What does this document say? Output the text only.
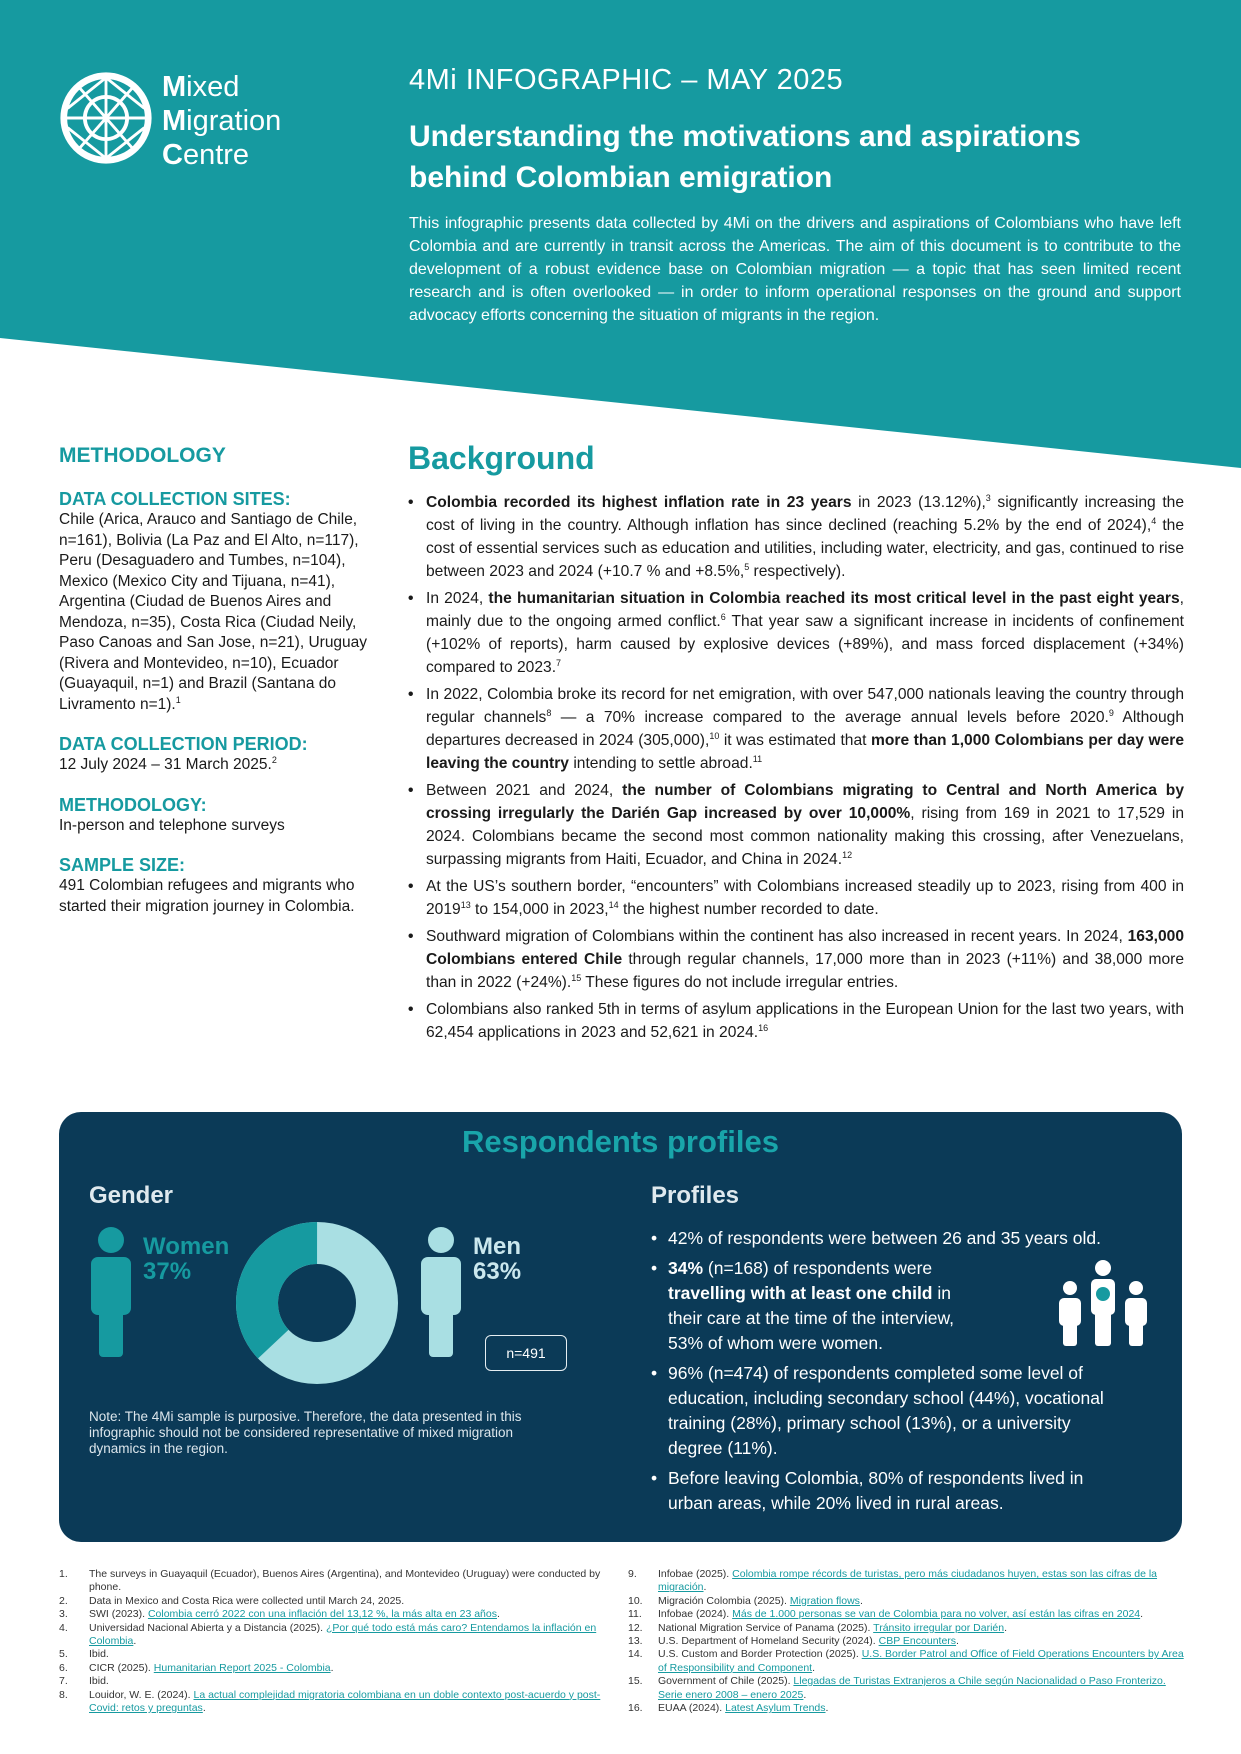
Mixed
Migration
Centre
4Mi INFOGRAPHIC – MAY 2025
Understanding the motivations and aspirations
behind Colombian emigration

This infographic presents data collected by 4Mi on the drivers and aspirations of Colombians who have left Colombia and are currently in transit across the Americas. The aim of this document is to contribute to the development of a robust evidence base on Colombian migration — a topic that has seen limited recent research and is often overlooked — in order to inform operational responses on the ground and support advocacy efforts concerning the situation of migrants in the region.

METHODOLOGY
DATA COLLECTION SITES:

Chile (Arica, Arauco and Santiago de Chile, n=161), Bolivia (La Paz and El Alto, n=117), Peru (Desaguadero and Tumbes, n=104), Mexico (Mexico City and Tijuana, n=41), Argentina (Ciudad de Buenos Aires and Mendoza, n=35), Costa Rica (Ciudad Neily, Paso Canoas and San Jose, n=21), Uruguay (Rivera and Montevideo, n=10), Ecuador (Guayaquil, n=1) and Brazil (Santana do Livramento n=1).$^1$

DATA COLLECTION PERIOD:

12 July 2024 – 31 March 2025.$^2$

METHODOLOGY:

In-person and telephone surveys

SAMPLE SIZE:

491 Colombian refugees and migrants who started their migration journey in Colombia.

Background
• Colombia recorded its highest inflation rate in 23 years in 2023 (13.12%),$^3$ significantly increasing the cost of living in the country. Although inflation has since declined (reaching 5.2% by the end of 2024),$^4$ the cost of essential services such as education and utilities, including water, electricity, and gas, continued to rise between 2023 and 2024 (+10.7 % and +8.5%,$^5$ respectively).
• In 2024, the humanitarian situation in Colombia reached its most critical level in the past eight years, mainly due to the ongoing armed conflict.$^6$ That year saw a significant increase in incidents of confinement (+102% of reports), harm caused by explosive devices (+89%), and mass forced displacement (+34%) compared to 2023.$^7$
• In 2022, Colombia broke its record for net emigration, with over 547,000 nationals leaving the country through regular channels$^8$ — a 70% increase compared to the average annual levels before 2020.$^9$ Although departures decreased in 2024 (305,000),$^{10}$ it was estimated that more than 1,000 Colombians per day were leaving the country intending to settle abroad.$^{11}$
• Between 2021 and 2024, the number of Colombians migrating to Central and North America by crossing irregularly the Darién Gap increased by over 10,000%, rising from 169 in 2021 to 17,529 in 2024. Colombians became the second most common nationality making this crossing, after Venezuelans, surpassing migrants from Haiti, Ecuador, and China in 2024.12
• At the US’s southern border, “encounters” with Colombians increased steadily up to 2023, rising from 400 in 2019$^{13}$ to 154,000 in 2023,14 the highest number recorded to date.
• Southward migration of Colombians within the continent has also increased in recent years. In 2024, 163,000 Colombians entered Chile through regular channels, 17,000 more than in 2023 (+11%) and 38,000 more than in 2022 (+24%).$^{15}$ These figures do not include irregular entries.
• Colombians also ranked 5th in terms of asylum applications in the European Union for the last two years, with 62,454 applications in 2023 and 52,621 in 2024.16
Respondents profiles
Gender	Profiles
Women
37%
Men
63%
n=491

Note: The 4Mi sample is purposive. Therefore, the data presented in this infographic should not be considered representative of mixed migration dynamics in the region.

• 42% of respondents were between 26 and 35 years old.
• 34% (n=168) of respondents were travelling with at least one child in their care at the time of the interview, 53% of whom were women.
• 96% (n=474) of respondents completed some level of education, including secondary school (44%), vocational training (28%), primary school (13%), or a university degree (11%).
• Before leaving Colombia, 80% of respondents lived in urban areas, while 20% lived in rural areas.
1. The surveys in Guayaquil (Ecuador), Buenos Aires (Argentina), and Montevideo (Uruguay) were conducted by phone.
2. Data in Mexico and Costa Rica were collected until March 24, 2025.
3. SWI (2023). Colombia cerró 2022 con una inflación del 13,12 %, la más alta en 23 años.
4. Universidad Nacional Abierta y a Distancia (2025). ¿Por qué todo está más caro? Entendamos la inflación en Colombia.
5. Ibid.
6. CICR (2025). Humanitarian Report 2025 - Colombia.
7. Ibid.
8. Louidor, W. E. (2024). La actual complejidad migratoria colombiana en un doble contexto post-acuerdo y post-Covid: retos y preguntas.
9. Infobae (2025). Colombia rompe récords de turistas, pero más ciudadanos huyen, estas son las cifras de la migración.
10. Migración Colombia (2025). Migration flows.
11. Infobae (2024). Más de 1.000 personas se van de Colombia para no volver, así están las cifras en 2024.
12. National Migration Service of Panama (2025). Tránsito irregular por Darién.
13. U.S. Department of Homeland Security (2024). CBP Encounters.
14. U.S. Custom and Border Protection (2025). U.S. Border Patrol and Office of Field Operations Encounters by Area of Responsibility and Component.
15. Government of Chile (2025). Llegadas de Turistas Extranjeros a Chile según Nacionalidad o Paso Fronterizo. Serie enero 2008 – enero 2025.
16. EUAA (2024). Latest Asylum Trends.
